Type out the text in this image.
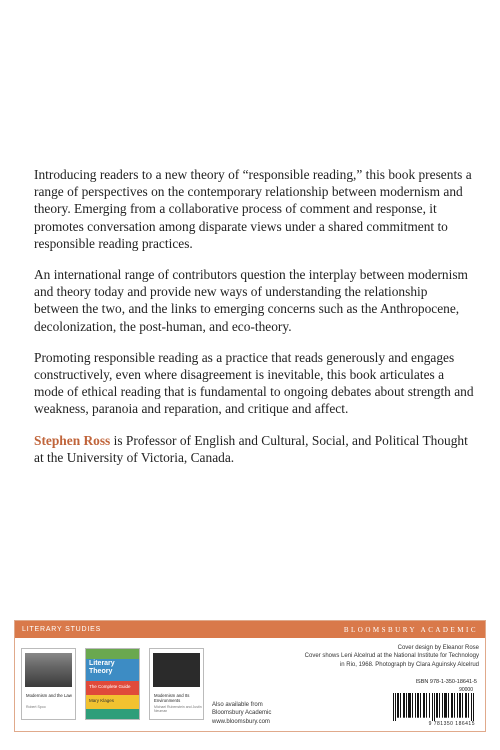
Introducing readers to a new theory of “responsible reading,” this book presents a range of perspectives on the contemporary relationship between modernism and theory. Emerging from a collaborative process of comment and response, it promotes conversation among disparate views under a shared commitment to responsible reading practices.

An international range of contributors question the interplay between modernism and theory today and provide new ways of understanding the relationship between the two, and the links to emerging concerns such as the Anthropocene, decolonization, the post-human, and eco-theory.

Promoting responsible reading as a practice that reads generously and engages constructively, even where disagreement is inevitable, this book articulates a mode of ethical reading that is fundamental to ongoing debates about strength and weakness, paranoia and reparation, and critique and affect.

Stephen Ross is Professor of English and Cultural, Social, and Political Thought at the University of Victoria, Canada.

LITERARY STUDIES	BLOOMSBURY ACADEMIC
Modernism and the Law
Robert Spoo
Literary
Theory
The Complete Guide
Mary Klages
Modernism and Its Environments
Michael Rubenstein and Justin Neuman
Also available from
Bloomsbury Academic
www.bloomsbury.com
Cover design by Eleanor Rose
Cover shows Leni Alcelrud at the National Institute for Technology
in Rio, 1968. Photograph by Clara Aguinsky Alcelrud
ISBN 978-1-350-18641-5
90000
9 781350 186415
